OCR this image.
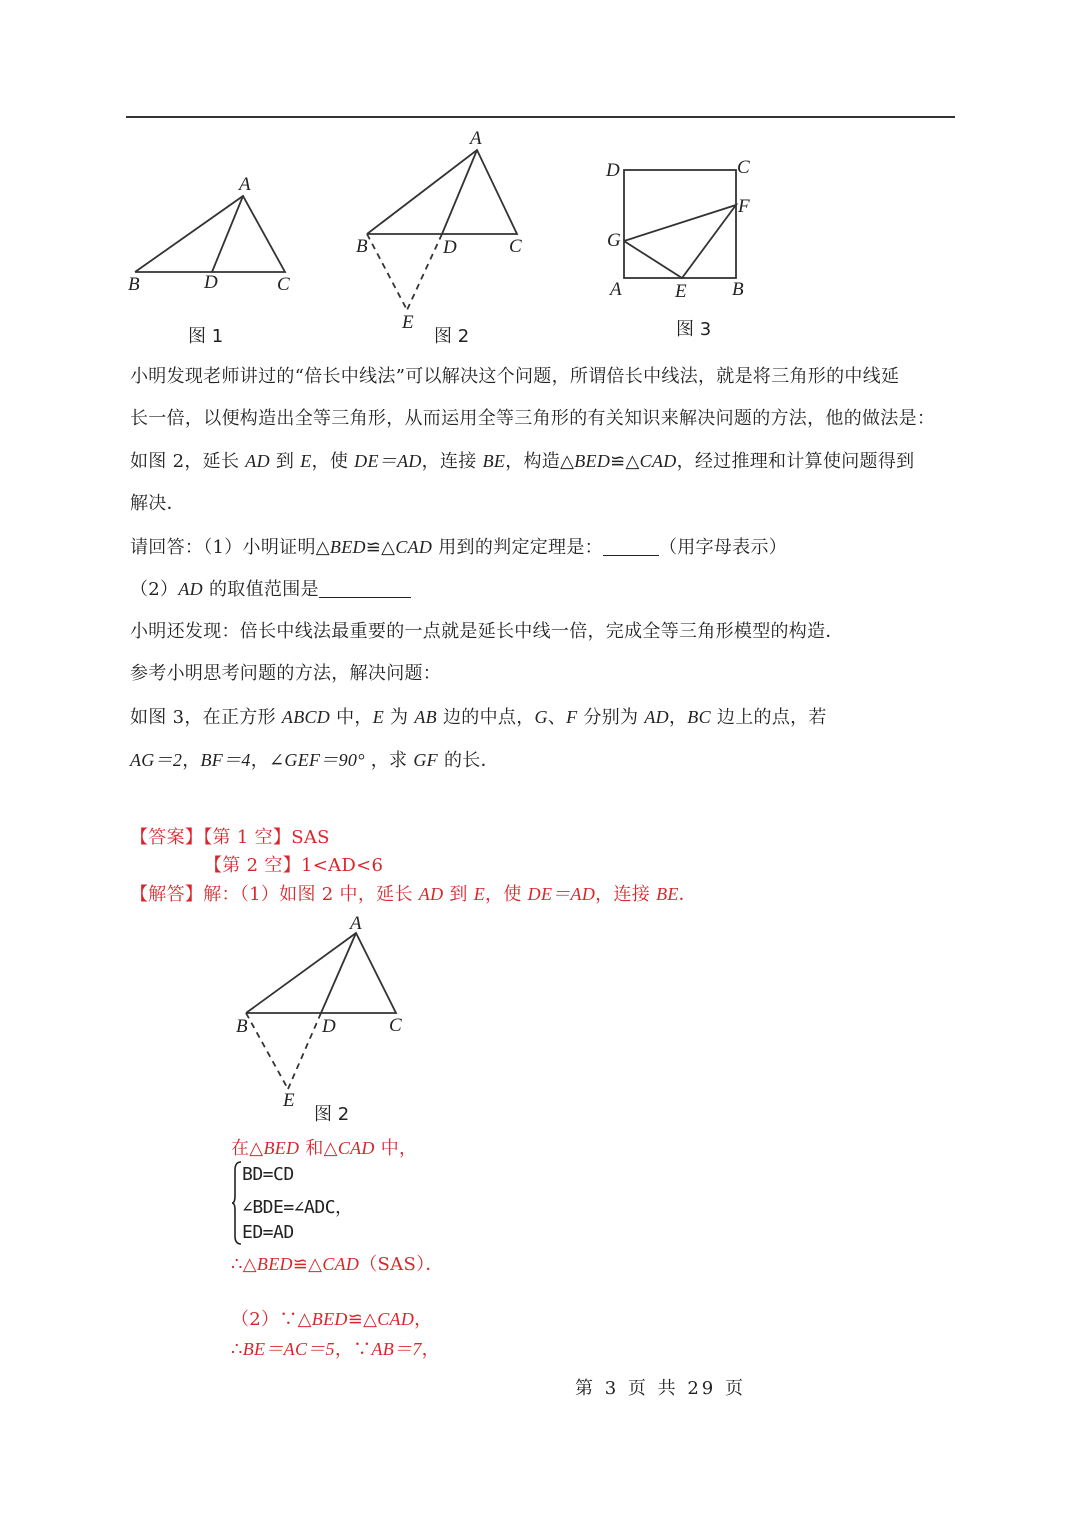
A
B	C
D
图 1
A
B	C
D
E
图 2
D	C
F
G
A	E B
图 3
小明发现老师讲过的“倍长中线法”可以解决这个问题，所谓倍长中线法，就是将三角形的中线延
长一倍，以便构造出全等三角形，从而运用全等三角形的有关知识来解决问题的方法，他的做法是：
如图 2，延长 AD 到 E，使 DE＝AD，连接 BE，构造△BED≌△CAD，经过推理和计算使问题得到
解决．
请回答：（1）小明证明△BED≌△CAD 用到的判定定理是：	（用字母表示）
（2）AD 的取值范围是
小明还发现：倍长中线法最重要的一点就是延长中线一倍，完成全等三角形模型的构造．
参考小明思考问题的方法，解决问题：
如图 3，在正方形 ABCD 中，E 为 AB 边的中点，G、F 分别为 AD，BC 边上的点，若
AG＝2，BF＝4，∠GEF＝90° ，求 GF 的长．
【答案】【第 1 空】SAS
【第 2 空】1<AD<6
【解答】解：（1）如图 2 中，延长 AD 到 E，使 DE＝AD，连接 BE．
A
B	C
D
E
图 2
在△BED 和△CAD 中，
BD=CD
∠BDE=∠ADC，
ED=AD
∴△BED≌△CAD（SAS）．
（2）∵△BED≌△CAD，
∴BE＝AC＝5，∵AB＝7，
第 3 页 共 29 页
